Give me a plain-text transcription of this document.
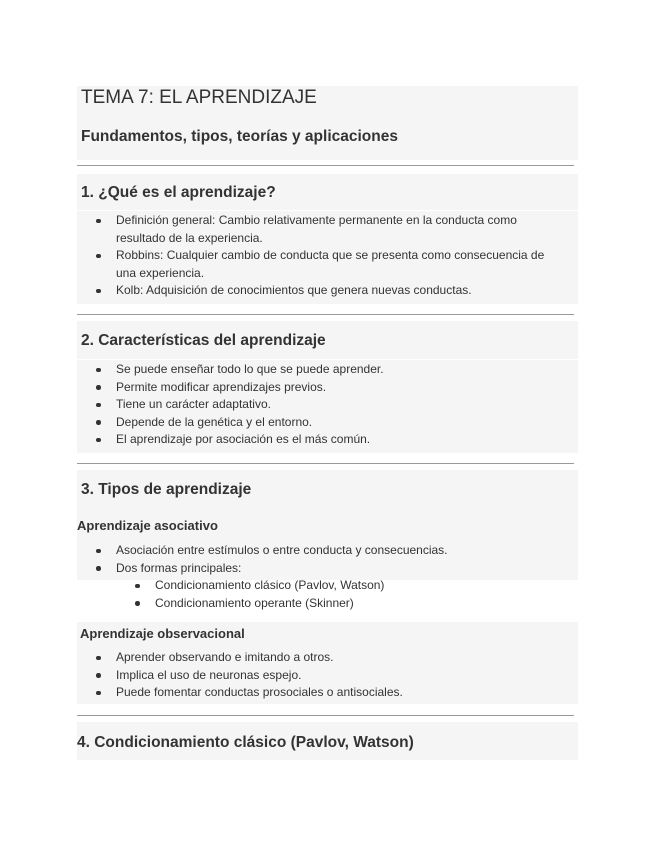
TEMA 7: EL APRENDIZAJE
Fundamentos, tipos, teorías y aplicaciones
1. ¿Qué es el aprendizaje?
Definición general: Cambio relativamente permanente en la conducta como
resultado de la experiencia.
Robbins: Cualquier cambio de conducta que se presenta como consecuencia de
una experiencia.
Kolb: Adquisición de conocimientos que genera nuevas conductas.
2. Características del aprendizaje
Se puede enseñar todo lo que se puede aprender.
Permite modificar aprendizajes previos.
Tiene un carácter adaptativo.
Depende de la genética y el entorno.
El aprendizaje por asociación es el más común.
3. Tipos de aprendizaje
Aprendizaje asociativo
Asociación entre estímulos o entre conducta y consecuencias.
Dos formas principales:
Condicionamiento clásico (Pavlov, Watson)
Condicionamiento operante (Skinner)
Aprendizaje observacional
Aprender observando e imitando a otros.
Implica el uso de neuronas espejo.
Puede fomentar conductas prosociales o antisociales.
4. Condicionamiento clásico (Pavlov, Watson)
